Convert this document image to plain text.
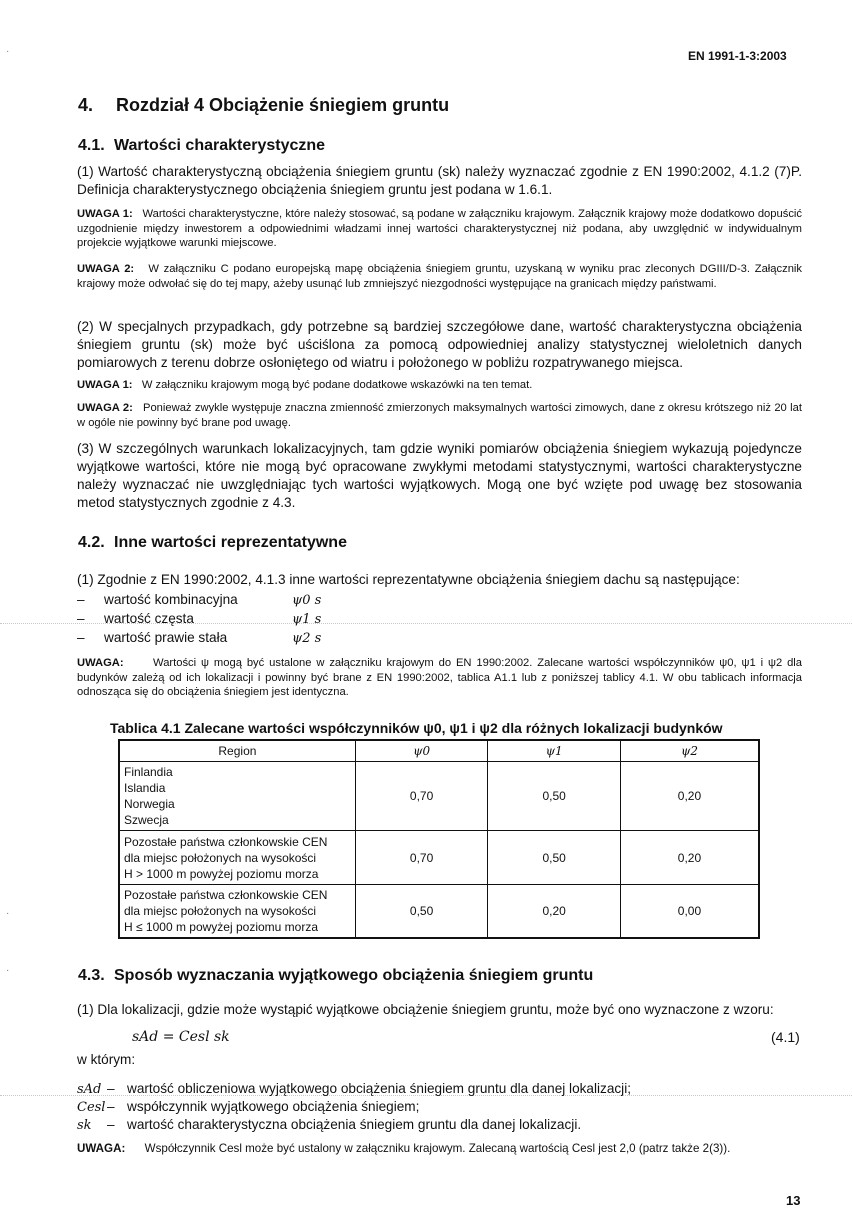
·
·
·
EN 1991-1-3:2003
4. Rozdział 4 Obciążenie śniegiem gruntu
4.1. Wartości charakterystyczne
(1) Wartość charakterystyczną obciążenia śniegiem gruntu (sk) należy wyznaczać zgodnie z EN 1990:2002, 4.1.2 (7)P. Definicja charakterystycznego obciążenia śniegiem gruntu jest podana w 1.6.1.
UWAGA 1: Wartości charakterystyczne, które należy stosować, są podane w załączniku krajowym. Załącznik krajowy może dodatkowo dopuścić uzgodnienie między inwestorem a odpowiednimi władzami innej wartości charakterystycznej niż podana, aby uwzględnić w indywidualnym projekcie wyjątkowe warunki miejscowe.
UWAGA 2: W załączniku C podano europejską mapę obciążenia śniegiem gruntu, uzyskaną w wyniku prac zleconych DGIII/D-3. Załącznik krajowy może odwołać się do tej mapy, ażeby usunąć lub zmniejszyć niezgodności występujące na granicach między państwami.
(2) W specjalnych przypadkach, gdy potrzebne są bardziej szczegółowe dane, wartość charakterystyczna obciążenia śniegiem gruntu (sk) może być uściślona za pomocą odpowiedniej analizy statystycznej wieloletnich danych pomiarowych z terenu dobrze osłoniętego od wiatru i położonego w pobliżu rozpatrywanego miejsca.
UWAGA 1: W załączniku krajowym mogą być podane dodatkowe wskazówki na ten temat.
UWAGA 2: Ponieważ zwykle występuje znaczna zmienność zmierzonych maksymalnych wartości zimowych, dane z okresu krótszego niż 20 lat w ogóle nie powinny być brane pod uwagę.
(3) W szczególnych warunkach lokalizacyjnych, tam gdzie wyniki pomiarów obciążenia śniegiem wykazują pojedyncze wyjątkowe wartości, które nie mogą być opracowane zwykłymi metodami statystycznymi, wartości charakterystyczne należy wyznaczać nie uwzględniając tych wartości wyjątkowych. Mogą one być wzięte pod uwagę bez stosowania metod statystycznych zgodnie z 4.3.
4.2. Inne wartości reprezentatywne
(1) Zgodnie z EN 1990:2002, 4.1.3 inne wartości reprezentatywne obciążenia śniegiem dachu są następujące:
– wartość kombinacyjna	ψ0 s
– wartość częsta	ψ1 s
– wartość prawie stała	ψ2 s
UWAGA:	Wartości ψ mogą być ustalone w załączniku krajowym do EN 1990:2002. Zalecane wartości współczynników ψ0, ψ1 i ψ2 dla budynków zależą od ich lokalizacji i powinny być brane z EN 1990:2002, tablica A1.1 lub z poniższej tablicy 4.1. W obu tablicach informacja odnosząca się do obciążenia śniegiem jest identyczna.
Tablica 4.1 Zalecane wartości współczynników ψ0, ψ1 i ψ2 dla różnych lokalizacji budynków
Region	ψ0	ψ1	ψ2
Finlandia
Islandia
Norwegia
Szwecja	0,70	0,50	0,20
Pozostałe państwa członkowskie CEN
dla miejsc położonych na wysokości
H > 1000 m powyżej poziomu morza	0,70	0,50	0,20
Pozostałe państwa członkowskie CEN
dla miejsc położonych na wysokości
H ≤ 1000 m powyżej poziomu morza	0,50	0,20	0,00
4.3. Sposób wyznaczania wyjątkowego obciążenia śniegiem gruntu
(1) Dla lokalizacji, gdzie może wystąpić wyjątkowe obciążenie śniegiem gruntu, może być ono wyznaczone z wzoru:
sAd = Cesl sk	(4.1)
w którym:
sAd – wartość obliczeniowa wyjątkowego obciążenia śniegiem gruntu dla danej lokalizacji;
Cesl – współczynnik wyjątkowego obciążenia śniegiem;
sk – wartość charakterystyczna obciążenia śniegiem gruntu dla danej lokalizacji.
UWAGA: Współczynnik Cesl może być ustalony w załączniku krajowym. Zalecaną wartością Cesl jest 2,0 (patrz także 2(3)).
13
